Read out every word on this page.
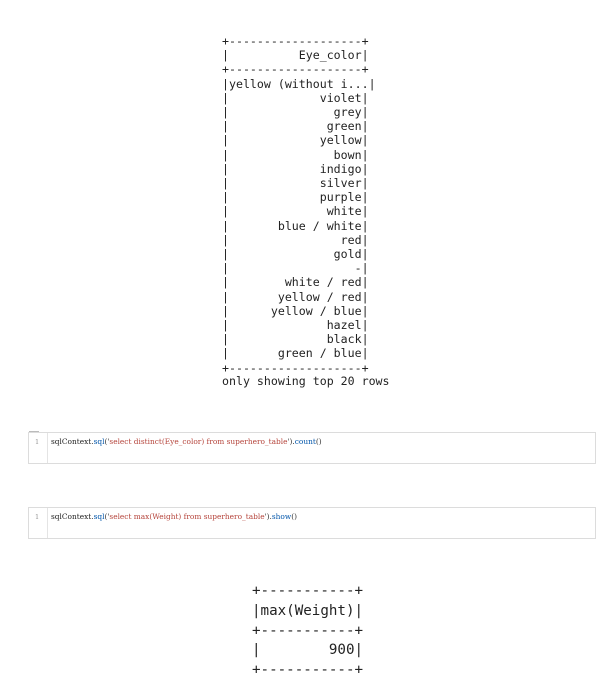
+-------------------+
|          Eye_color|
+-------------------+
|yellow (without i...|
|             violet|
|               grey|
|              green|
|             yellow|
|               bown|
|             indigo|
|             silver|
|             purple|
|              white|
|       blue / white|
|                red|
|               gold|
|                  -|
|        white / red|
|       yellow / red|
|      yellow / blue|
|              hazel|
|              black|
|       green / blue|
+-------------------+
only showing top 20 rows
1 sqlContext.sql('select distinct(Eye_color) from superhero_table').count()
1 sqlContext.sql('select max(Weight) from superhero_table').show()
+-----------+
|max(Weight)|
+-----------+
|        900|
+-----------+
